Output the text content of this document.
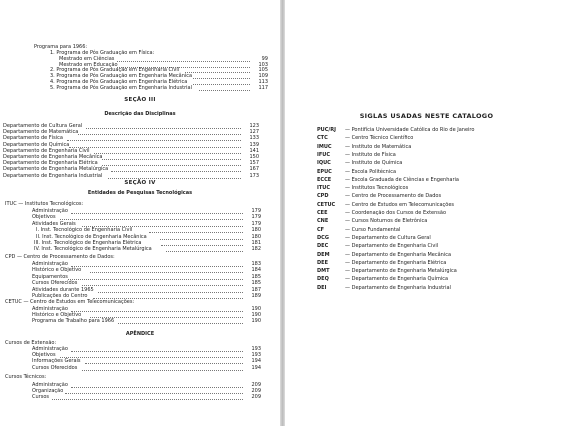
Programa para 1966:
SEÇÃO III
Descrição das Disciplinas
SEÇÃO IV
Entidades de Pesquisas Tecnológicas
ITUC — Institutos Tecnológicos:
CPD — Centro de Processamento de Dados:
CETUC — Centro de Estudos em Telecomunicações:
APÊNDICE
Cursos de Extensão:
Cursos Técnicos:
1. Programa de Pós Graduação em Física:
Mestrado em Ciências	99
Mestrado em Educação	103
2. Programa de Pós Graduação em Engenharia Civil	105
3. Programa de Pós Graduação em Engenharia Mecânica	109
4. Programa de Pós Graduação em Engenharia Elétrica	113
5. Programa de Pós Graduação em Engenharia Industrial	117
Departamento de Cultura Geral	123
Departamento de Matemática	127
Departamento de Física	133
Departamento de Química	139
Departamento de Engenharia Civil	141
Departamento de Engenharia Mecânica	150
Departamento de Engenharia Elétrica	157
Departamento de Engenharia Metalúrgica	167
Departamento de Engenharia Industrial	173
Administração	179
Objetivos	179
Atividades Gerais	179
I. Inst. Tecnológico de Engenharia Civil	180
II. Inst. Tecnológico de Engenharia Mecânica	180
III. Inst. Tecnológico de Engenharia Elétrica	181
IV. Inst. Tecnológico de Engenharia Metalúrgica	182
Administração	183
Histórico e Objetivo	184
Equipamentos	185
Cursos Oferecidos	185
Atividades durante 1965	187
Publicações do Centro	189
Administração	190
Histórico e Objetivo	190
Programa de Trabalho para 1966	190
Administração	193
Objetivos	193
Informações Gerais	194
Cursos Oferecidos	194
Administração	209
Organização	209
Cursos	209
SIGLAS USADAS NESTE CATALOGO
PUC/RJ — Pontifícia Universidade Católica do Rio de Janeiro
CTC	— Centro Técnico Científico
IMUC	— Instituto de Matemática
IFUC	— Instituto de Física
IQUC	— Instituto de Química
EPUC	— Escola Politécnica
ECCE	— Escola Graduada de Ciências e Engenharia
ITUC	— Institutos Tecnológicos
CPD	— Centro de Processamento de Dados
CETUC — Centro de Estudos em Telecomunicações
CEE	— Coordenação dos Cursos de Extensão
CNE	— Cursos Noturnos de Eletrônica
CF	— Curso Fundamental
DCG	— Departamento de Cultura Geral
DEC	— Departamento de Engenharia Civil
DEM	— Departamento de Engenharia Mecânica
DEE	— Departamento de Engenharia Elétrica
DMT	— Departamento de Engenharia Metalúrgica
DEQ	— Departamento de Engenharia Química
DEI	— Departamento de Engenharia Industrial
